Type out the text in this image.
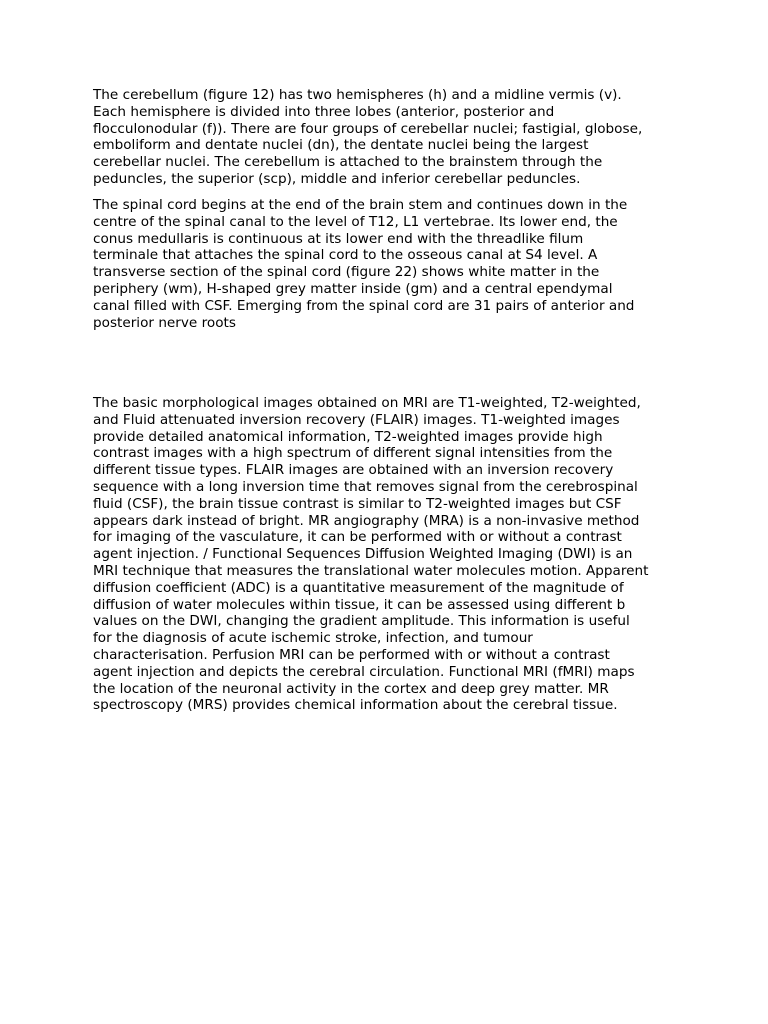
The cerebellum (figure 12) has two hemispheres (h) and a midline vermis (v).
Each hemisphere is divided into three lobes (anterior, posterior and
flocculonodular (f)). There are four groups of cerebellar nuclei; fastigial, globose,
emboliform and dentate nuclei (dn), the dentate nuclei being the largest
cerebellar nuclei. The cerebellum is attached to the brainstem through the
peduncles, the superior (scp), middle and inferior cerebellar peduncles.

The spinal cord begins at the end of the brain stem and continues down in the
centre of the spinal canal to the level of T12, L1 vertebrae. Its lower end, the
conus medullaris is continuous at its lower end with the threadlike filum
terminale that attaches the spinal cord to the osseous canal at S4 level. A
transverse section of the spinal cord (figure 22) shows white matter in the
periphery (wm), H-shaped grey matter inside (gm) and a central ependymal
canal filled with CSF. Emerging from the spinal cord are 31 pairs of anterior and
posterior nerve roots

The basic morphological images obtained on MRI are T1-weighted, T2-weighted,
and Fluid attenuated inversion recovery (FLAIR) images. T1-weighted images
provide detailed anatomical information, T2-weighted images provide high
contrast images with a high spectrum of different signal intensities from the
different tissue types. FLAIR images are obtained with an inversion recovery
sequence with a long inversion time that removes signal from the cerebrospinal
fluid (CSF), the brain tissue contrast is similar to T2-weighted images but CSF
appears dark instead of bright. MR angiography (MRA) is a non-invasive method
for imaging of the vasculature, it can be performed with or without a contrast
agent injection. / Functional Sequences Diffusion Weighted Imaging (DWI) is an
MRI technique that measures the translational water molecules motion. Apparent
diffusion coefficient (ADC) is a quantitative measurement of the magnitude of
diffusion of water molecules within tissue, it can be assessed using different b
values on the DWI, changing the gradient amplitude. This information is useful
for the diagnosis of acute ischemic stroke, infection, and tumour
characterisation. Perfusion MRI can be performed with or without a contrast
agent injection and depicts the cerebral circulation. Functional MRI (fMRI) maps
the location of the neuronal activity in the cortex and deep grey matter. MR
spectroscopy (MRS) provides chemical information about the cerebral tissue.
